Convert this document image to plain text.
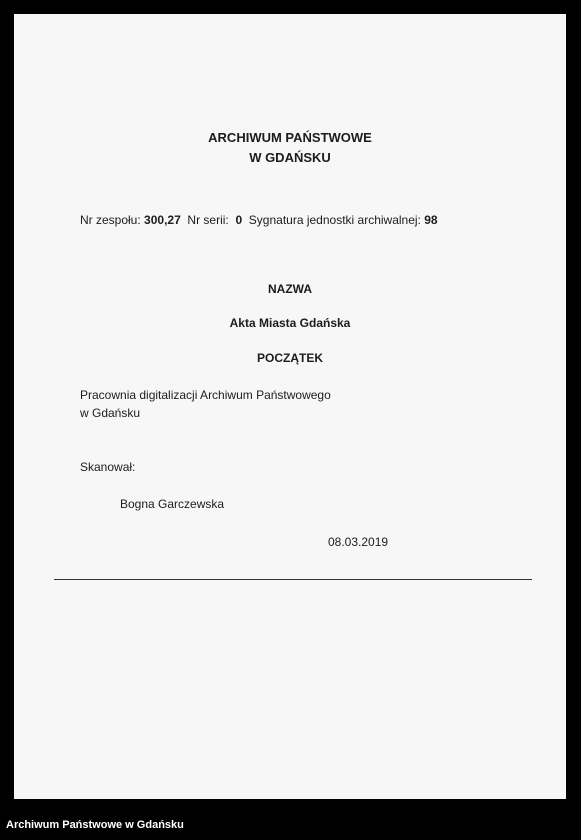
ARCHIWUM PAŃSTWOWE
W GDAŃSKU
Nr zespołu: 300,27 Nr serii: 0 Sygnatura jednostki archiwalnej: 98
NAZWA
Akta Miasta Gdańska
POCZĄTEK
Pracownia digitalizacji Archiwum Państwowego
w Gdańsku
Skanował:
Bogna Garczewska
08.03.2019
Archiwum Państwowe w Gdańsku
